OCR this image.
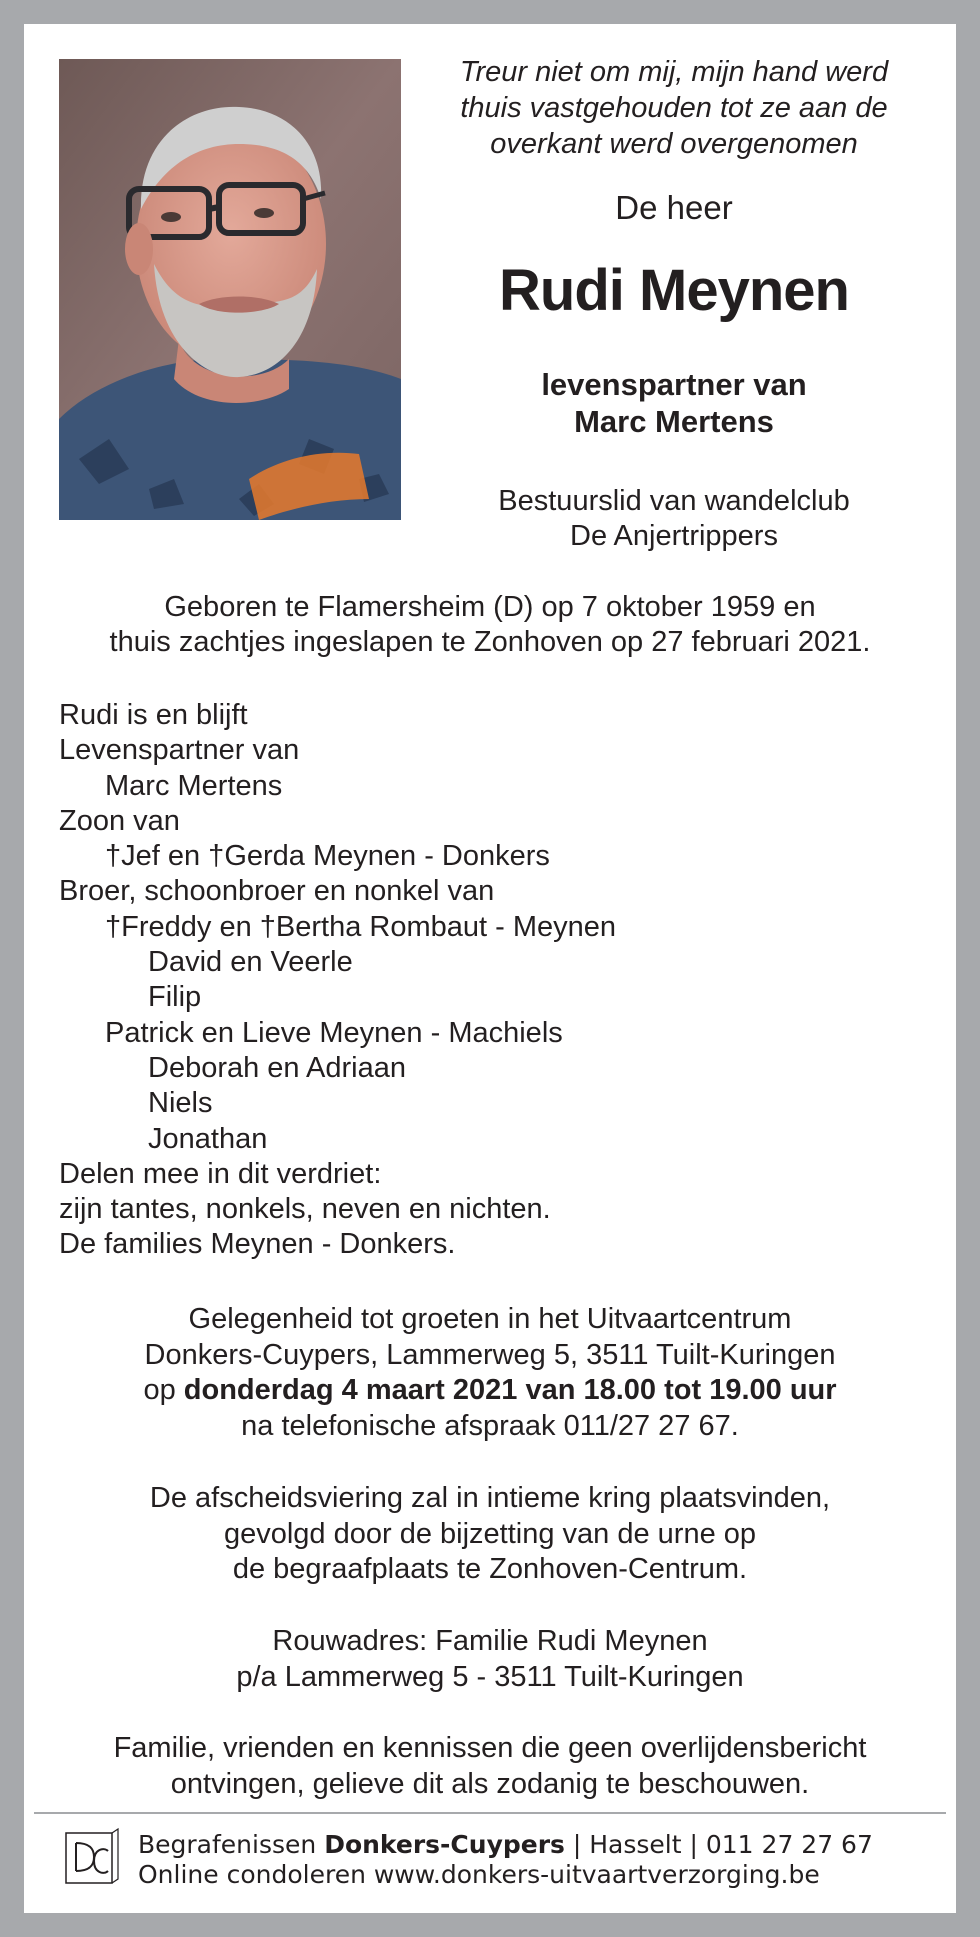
Treur niet om mij, mijn hand werd
thuis vastgehouden tot ze aan de
overkant werd overgenomen
De heer
Rudi Meynen
levenspartner van
Marc Mertens
Bestuurslid van wandelclub
De Anjertrippers
Geboren te Flamersheim (D) op 7 oktober 1959 en
thuis zachtjes ingeslapen te Zonhoven op 27 februari 2021.
Rudi is en blijft
Levenspartner van
Marc Mertens
Zoon van
†Jef en †Gerda Meynen - Donkers
Broer, schoonbroer en nonkel van
†Freddy en †Bertha Rombaut - Meynen
David en Veerle
Filip
Patrick en Lieve Meynen - Machiels
Deborah en Adriaan
Niels
Jonathan
Delen mee in dit verdriet:
zijn tantes, nonkels, neven en nichten.
De families Meynen - Donkers.
Gelegenheid tot groeten in het Uitvaartcentrum
Donkers-Cuypers, Lammerweg 5, 3511 Tuilt-Kuringen
op donderdag 4 maart 2021 van 18.00 tot 19.00 uur
na telefonische afspraak 011/27 27 67.
De afscheidsviering zal in intieme kring plaatsvinden,
gevolgd door de bijzetting van de urne op
de begraafplaats te Zonhoven-Centrum.
Rouwadres: Familie Rudi Meynen
p/a Lammerweg 5 - 3511 Tuilt-Kuringen
Familie, vrienden en kennissen die geen overlijdensbericht
ontvingen, gelieve dit als zodanig te beschouwen.
Begrafenissen Donkers-Cuypers | Hasselt | 011 27 27 67
Online condoleren www.donkers-uitvaartverzorging.be
